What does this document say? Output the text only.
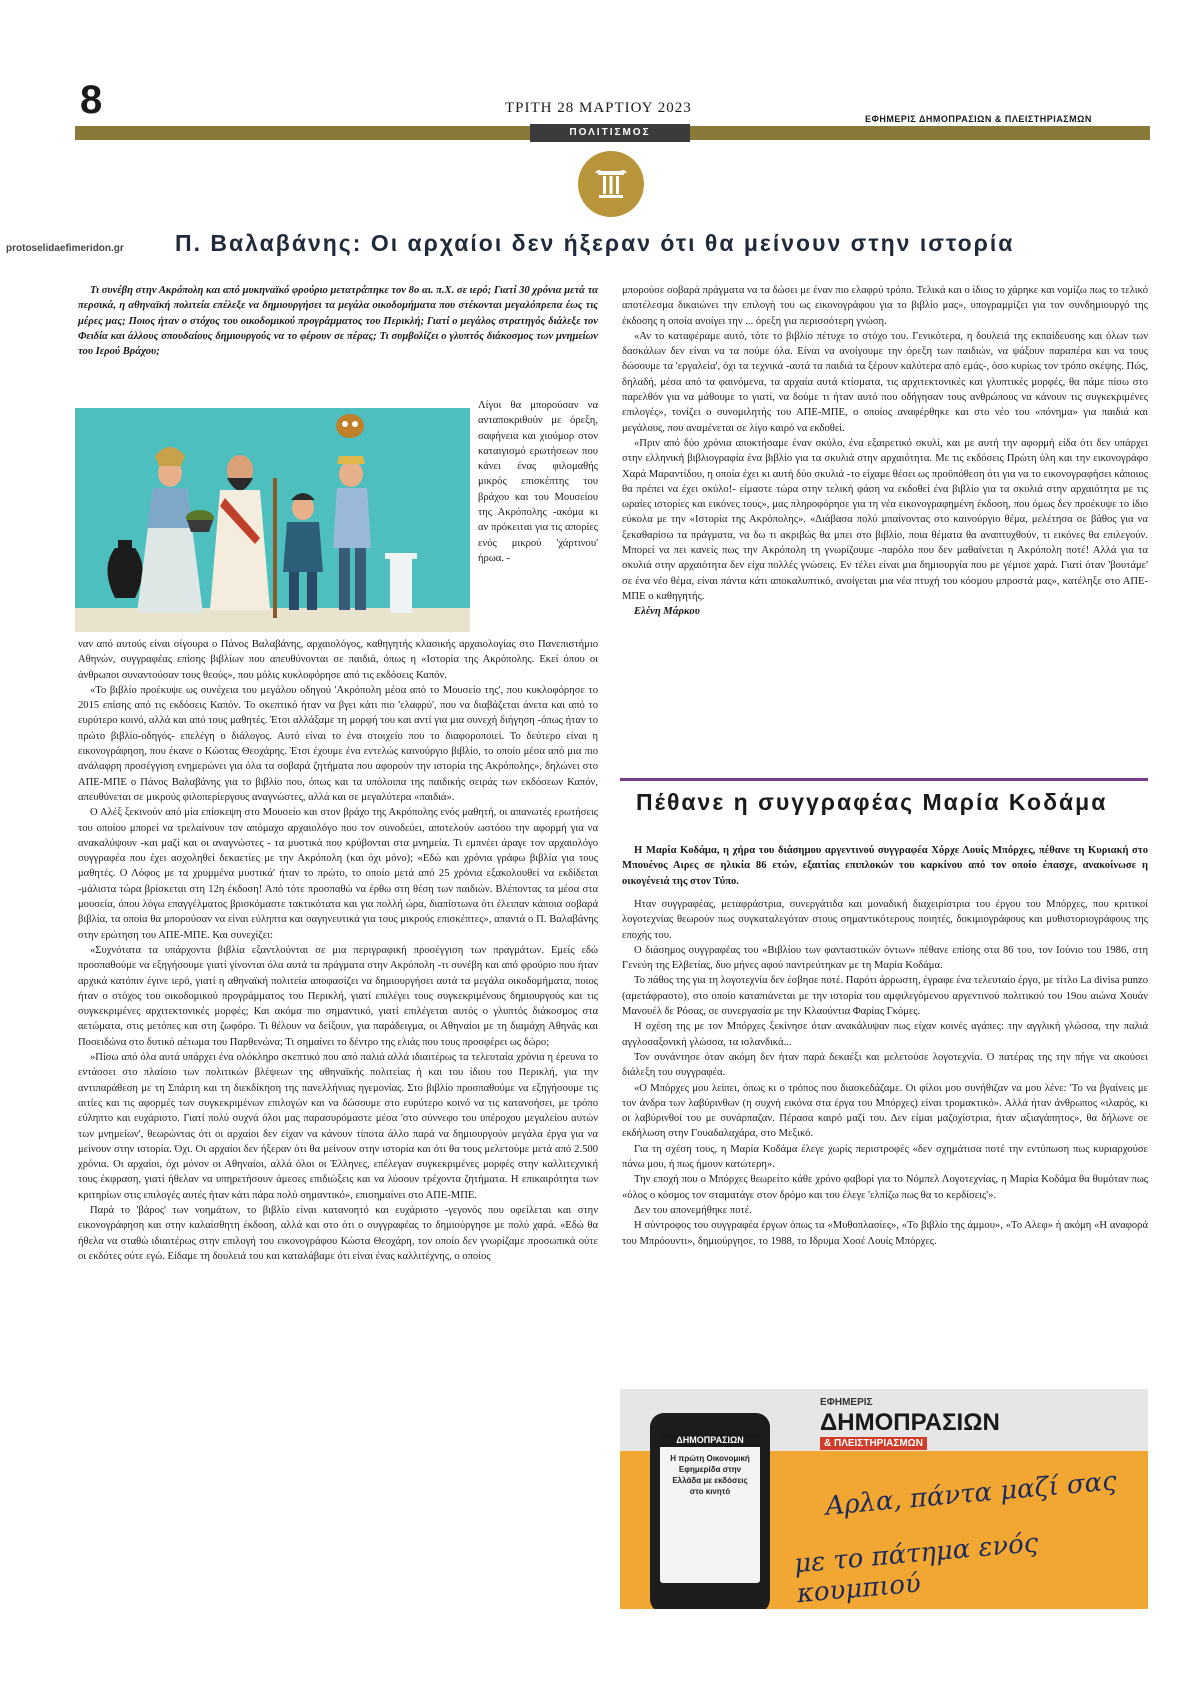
8	ΤΡΙΤΗ 28 ΜΑΡΤΙΟΥ 2023
ΕΦΗΜΕΡΙΣ ΔΗΜΟΠΡΑΣΙΩΝ & ΠΛΕΙΣΤΗΡΙΑΣΜΩΝ
ΠΟΛΙΤΙΣΜΟΣ
protoselidaefimeridon.gr Π. Βαλαβάνης: Οι αρχαίοι δεν ήξεραν ότι θα μείνουν στην ιστορία
Τι συνέβη στην Ακρόπολη και από μυκηναϊκό φρούριο μετατράπηκε τον 8ο αι. π.Χ. σε ιερό; Γιατί 30 χρόνια μετά τα περσικά, η αθηναϊκή πολιτεία επέλεξε να δημιουργήσει τα μεγάλα οικοδομήματα που στέκονται μεγαλόπρεπα έως τις μέρες μας; Ποιος ήταν ο στόχος του οικοδομικού προγράμματος του Περικλή; Γιατί ο μεγάλος στρατηγός διάλεξε τον Φειδία και άλλους σπουδαίους δημιουργούς να το φέρουν σε πέρας; Τι συμβολίζει ο γλυπτός διάκοσμος των μνημείων του Ιερού Βράχου;
Λίγοι θα μπορούσαν να ανταποκριθούν με όρεξη, σαφήνεια και χιούμορ στον καταιγισμό ερωτήσεων που κάνει ένας φιλομαθής μικρός επισκέπτης του βράχου και του Μουσείου της Ακρόπολης -ακόμα κι αν πρόκειται για τις απορίες ενός μικρού 'χάρτινου' ήρωα. -

ναν από αυτούς είναι σίγουρα ο Πάνος Βαλαβάνης, αρχαιολόγος, καθηγητής κλασικής αρχαιολογίας στο Πανεπιστήμιο Αθηνών, συγγραφέας επίσης βιβλίων που απευθύνονται σε παιδιά, όπως η «Ιστορία της Ακρόπολης. Εκεί όπου οι άνθρωποι συναντούσαν τους θεούς», που μόλις κυκλοφόρησε από τις εκδόσεις Καπόν.

«Το βιβλίο προέκυψε ως συνέχεια του μεγάλου οδηγού 'Ακρόπολη μέσα από το Μουσείο της', που κυκλοφόρησε το 2015 επίσης από τις εκδόσεις Καπόν. Το σκεπτικό ήταν να βγει κάτι πιο 'ελαφρύ', που να διαβάζεται άνετα και από το ευρύτερο κοινό, αλλά και από τους μαθητές. Έτσι αλλάξαμε τη μορφή του και αντί για μια συνεχή διήγηση -όπως ήταν το πρώτο βιβλίο-οδηγός- επελέγη ο διάλογος. Αυτό είναι το ένα στοιχείο που το διαφοροποιεί. Το δεύτερο είναι η εικονογράφηση, που έκανε ο Κώστας Θεοχάρης. Έτσι έχουμε ένα εντελώς καινούργιο βιβλίο, το οποίο μέσα από μια πιο ανάλαφρη προσέγγιση ενημερώνει για όλα τα σοβαρά ζητήματα που αφορούν την ιστορία της Ακρόπολης», δηλώνει στο ΑΠΕ-ΜΠΕ ο Πάνος Βαλαβάνης για το βιβλίο που, όπως και τα υπόλοιπα της παιδικής σειράς των εκδόσεων Καπόν, απευθύνεται σε μικρούς φιλοπερίεργους αναγνώστες, αλλά και σε μεγαλύτερα «παιδιά».

Ο Αλέξ ξεκινούν από μία επίσκεψη στο Μουσείο και στον βράχο της Ακρόπολης ενός μαθητή, οι απανωτές ερωτήσεις του οποίου μπορεί να τρελαίνουν τον απόμαχο αρχαιολόγο που τον συνοδεύει, αποτελούν ωστόσο την αφορμή για να ανακαλύψουν -και μαζί και οι αναγνώστες - τα μυστικά που κρύβονται στα μνημεία. Τι εμπνέει άραγε τον αρχαιολόγο συγγραφέα που έχει ασχοληθεί δεκαετίες με την Ακρόπολη (και όχι μόνο); «Εδώ και χρόνια γράφω βιβλία για τους μαθητές. Ο Λόφος με τα χρυμμένα μυστικά' ήταν το πρώτο, το οποίο μετά από 25 χρόνια εξακολουθεί να εκδίδεται -μάλιστα τώρα βρίσκεται στη 12η έκδοση! Από τότε προσπαθώ να έρθω στη θέση των παιδιών. Βλέποντας τα μέσα στα μουσεία, όπου λόγω επαγγέλματος βρισκόμαστε τακτικότατα και για πολλή ώρα, διαπίστωνα ότι έλειπαν κάποια σοβαρά βιβλία, τα οποία θα μπορούσαν να είναι εύληπτα και σαγηνευτικά για τους μικρούς επισκέπτες», απαντά ο Π. Βαλαβάνης στην ερώτηση του ΑΠΕ-ΜΠΕ. Και συνεχίζει:

«Συχνότατα τα υπάρχοντα βιβλία εξαντλούνται σε μια περιγραφική προσέγγιση των πραγμάτων. Εμείς εδώ προσπαθούμε να εξηγήσουμε γιατί γίνονται όλα αυτά τα πράγματα στην Ακρόπολη -τι συνέβη και από φρούριο που ήταν αρχικά κατόπιν έγινε ιερό, γιατί η αθηναϊκή πολιτεία αποφασίζει να δημιουργήσει αυτά τα μεγάλα οικοδομήματα, ποιος ήταν ο στόχος του οικοδομικού προγράμματος του Περικλή, γιατί επιλέγει τους συγκεκριμένους δημιουργούς και τις συγκεκριμένες αρχιτεκτονικές μορφές; Και ακόμα πιο σημαντικό, γιατί επιλέγεται αυτός ο γλυπτός διάκοσμος στα αετώματα, στις μετόπες και στη ζωφόρο. Τι θέλουν να δείξουν, για παράδειγμα, οι Αθηναίοι με τη διαμάχη Αθηνάς και Ποσειδώνα στο δυτικό αέτωμα του Παρθενώνα; Τι σημαίνει το δέντρο της ελιάς που τους προσφέρει ως δώρο;

»Πίσω από όλα αυτά υπάρχει ένα ολόκληρο σκεπτικό που από παλιά αλλά ιδιαιτέρως τα τελευταία χρόνια η έρευνα το εντάσσει στο πλαίσιο των πολιτικών βλέψεων της αθηναϊκής πολιτείας ή και του ίδιου του Περικλή, για την αντιπαράθεση με τη Σπάρτη και τη διεκδίκηση της πανελλήνιας ηγεμονίας. Στο βιβλίο προσπαθούμε να εξηγήσουμε τις αιτίες και τις αφορμές των συγκεκριμένων επιλογών και να δώσουμε στο ευρύτερο κοινό να τις κατανοήσει, με τρόπο εύληπτο και ευχάριστο. Γιατί πολύ συχνά όλοι μας παρασυρόμαστε μέσα 'στο σύννεφο του υπέροχου μεγαλείου αυτών των μνημείων', θεωρώντας ότι οι αρχαίοι δεν είχαν να κάνουν τίποτα άλλο παρά να δημιουργούν μεγάλα έργα για να μείνουν στην ιστορία. Όχι. Οι αρχαίοι δεν ήξεραν ότι θα μείνουν στην ιστορία και ότι θα τους μελετούμε μετά από 2.500 χρόνια. Οι αρχαίοι, όχι μόνον οι Αθηναίοι, αλλά όλοι οι Έλληνες, επέλεγαν συγκεκριμένες μορφές στην καλλιτεχνική τους έκφραση, γιατί ήθελαν να υπηρετήσουν άμεσες επιδιώξεις και να λύσουν τρέχοντα ζητήματα. Η επικαιρότητα των κριτηρίων στις επιλογές αυτές ήταν κάτι πάρα πολύ σημαντικό», επισημαίνει στο ΑΠΕ-ΜΠΕ.

Παρά το 'βάρος' των νοημάτων, το βιβλίο είναι κατανοητό και ευχάριστο -γεγονός που οφείλεται και στην εικονογράφηση και στην καλαίσθητη έκδοση, αλλά και στο ότι ο συγγραφέας το δημιούργησε με πολύ χαρά. «Εδώ θα ήθελα να σταθώ ιδιαιτέρως στην επιλογή του εικονογράφου Κώστα Θεοχάρη, τον οποίο δεν γνωρίζαμε προσωπικά ούτε οι εκδότες ούτε εγώ. Είδαμε τη δουλειά του και καταλάβαμε ότι είναι ένας καλλιτέχνης, ο οποίος

μπορούσε σοβαρά πράγματα να τα δώσει με έναν πιο ελαφρύ τρόπο. Τελικά και ο ίδιος το χάρηκε και νομίζω πως το τελικό αποτέλεσμα δικαιώνει την επιλογή του ως εικονογράφου για το βιβλίο μας», υπογραμμίζει για τον συνδημιουργό της έκδοσης η οποία ανοίγει την ... όρεξη για περισσότερη γνώση.

«Αν το καταφέραμε αυτό, τότε το βιβλίο πέτυχε το στόχο του. Γενικότερα, η δουλειά της εκπαίδευσης και όλων των δασκάλων δεν είναι να τα πούμε όλα. Είναι να ανοίγουμε την όρεξη των παιδιών, να ψάξουν παραπέρα και να τους δώσουμε τα 'εργαλεία', όχι τα τεχνικά -αυτά τα παιδιά τα ξέρουν καλύτερα από εμάς-, όσο κυρίως τον τρόπο σκέψης. Πώς, δηλαδή, μέσα από τα φαινόμενα, τα αρχαία αυτά κτίσματα, τις αρχιτεκτονικές και γλυπτικές μορφές, θα πάμε πίσω στο παρελθόν για να μάθουμε το γιατί, να δούμε τι ήταν αυτό που οδήγησαν τους ανθρώπους να κάνουν τις συγκεκριμένες επιλογές», τονίζει ο συνομιλητής του ΑΠΕ-ΜΠΕ, ο οποίος αναφέρθηκε και στο νέο του «πόνημα» για παιδιά και μεγάλους, που αναμένεται σε λίγο καιρό να εκδοθεί.

«Πριν από δύο χρόνια αποκτήσαμε έναν σκύλο, ένα εξαιρετικό σκυλί, και με αυτή την αφορμή είδα ότι δεν υπάρχει στην ελληνική βιβλιογραφία ένα βιβλίο για τα σκυλιά στην αρχαιότητα. Με τις εκδόσεις Πρώτη ύλη και την εικονογράφο Χαρά Μαραντίδου, η οποία έχει κι αυτή δύο σκυλιά -το είχαμε θέσει ως προϋπόθεση ότι για να το εικονογραφήσει κάποιος θα πρέπει να έχει σκύλο!- είμαστε τώρα στην τελική φάση να εκδοθεί ένα βιβλίο για τα σκυλιά στην αρχαιότητα με τις ωραίες ιστορίες και εικόνες τους», μας πληροφόρησε για τη νέα εικονογραφημένη έκδοση, που όμως δεν προέκυψε το ίδιο εύκολα με την «Ιστορία της Ακρόπολης». «Διάβασα πολύ μπαίνοντας στο καινούργιο θέμα, μελέτησα σε βάθος για να ξεκαθαρίσω τα πράγματα, να δω τι ακριβώς θα μπει στο βιβλίο, ποια θέματα θα αναπτυχθούν, τι εικόνες θα επιλεγούν. Μπορεί να πει κανείς πως την Ακρόπολη τη γνωρίζουμε -παρόλο που δεν μαθαίνεται η Ακρόπολη ποτέ! Αλλά για τα σκυλιά στην αρχαιότητα δεν είχα πολλές γνώσεις. Εν τέλει είναι μια δημιουργία που με γέμισε χαρά. Γιατί όταν 'βουτάμε' σε ένα νέο θέμα, είναι πάντα κάτι αποκαλυπτικό, ανοίγεται μια νέα πτυχή του κόσμου μπροστά μας», κατέληξε στο ΑΠΕ-ΜΠΕ ο καθηγητής.

Ελένη Μάρκου

Πέθανε η συγγραφέας Μαρία Κοδάμα
Η Μαρία Κοδάμα, η χήρα του διάσημου αργεντινού συγγραφέα Χόρχε Λουίς Μπόρχες, πέθανε τη Κυριακή στο Μπουένος Αιρες σε ηλικία 86 ετών, εξαιτίας επιπλοκών του καρκίνου από τον οποίο έπασχε, ανακοίνωσε η οικογένειά της στον Τύπο.

Ηταν συγγραφέας, μεταφράστρια, συνεργάτιδα και μοναδική διαχειρίστρια του έργου του Μπόρχες, που κριτικοί λογοτεχνίας θεωρούν πως συγκαταλεγόταν στους σημαντικότερους ποιητές, δοκιμιογράφους και μυθιστοριογράφους της εποχής του.

Ο διάσημος συγγραφέας του «Βιβλίου των φανταστικών όντων» πέθανε επίσης στα 86 του, τον Ιούνιο του 1986, στη Γενεύη της Ελβετίας, δυο μήνες αφού παντρεύτηκαν με τη Μαρία Κοδάμα.

Το πάθος της για τη λογοτεχνία δεν έσβησε ποτέ. Παρότι άρρωστη, έγραφε ένα τελευταίο έργο, με τίτλο La divisa punzo (αμετάφραστο), στο οποίο καταπιάνεται με την ιστορία του αμφιλεγόμενου αργεντινού πολιτικού του 19ου αιώνα Χουάν Μανουέλ δε Ρόσας, σε συνεργασία με την Κλαούντια Φαρίας Γκόμες.

Η σχέση της με τον Μπόρχες ξεκίνησε όταν ανακάλυψαν πως είχαν κοινές αγάπες: την αγγλική γλώσσα, την παλιά αγγλοσαξονική γλώσσα, τα ισλανδικά...

Τον συνάντησε όταν ακόμη δεν ήταν παρά δεκαέξι και μελετούσε λογοτεχνία. Ο πατέρας της την πήγε να ακούσει διάλεξη του συγγραφέα.

«Ο Μπόρχες μου λείπει, όπως κι ο τρόπος που διασκεδάζαμε. Οι φίλοι μου συνήθιζαν να μου λένε: 'Το να βγαίνεις με τον άνδρα των λαβύρινθων (η συχνή εικόνα στα έργα του Μπόρχες) είναι τρομακτικό». Αλλά ήταν άνθρωπος «ιλαρός, κι οι λαβύρινθοί του με συνάρπαζαν. Πέρασα καιρό μαζί του. Δεν είμαι μαζοχίστρια, ήταν αξιαγάπητος», θα δήλωνε σε εκδήλωση στην Γουαδαλαχάρα, στο Μεξικό.

Για τη σχέση τους, η Μαρία Κοδάμα έλεγε χωρίς περιστροφές «δεν σχημάτισα ποτέ την εντύπωση πως κυριαρχούσε πάνω μου, ή πως ήμουν κατώτερη».

Την εποχή που ο Μπόρχες θεωρείτο κάθε χρόνο φαβορί για το Νόμπελ Λογοτεχνίας, η Μαρία Κοδάμα θα θυμόταν πως «όλος ο κόσμος τον σταματάγε στον δρόμο και του έλεγε 'ελπίζω πως θα το κερδίσεις'».

Δεν του απονεμήθηκε ποτέ.

Η σύντροφος του συγγραφέα έργων όπως τα «Μυθοπλασίες», «Το βιβλίο της άμμου», «Το Αλεφ» ή ακόμη «Η αναφορά του Μπρόουντι», δημιούργησε, το 1988, το Ιδρυμα Χοσέ Λουίς Μπόρχες.

ΕΦΗΜΕΡΙΣ
ΔΗΜΟΠΡΑΣΙΩΝ
& ΠΛΕΙΣΤΗΡΙΑΣΜΩΝ
ΔΗΜΟΠΡΑΣΙΩΝ
Η πρώτη Οικονομική Εφημερίδα στην Ελλάδα με εκδόσεις στο κινητό	Αρλα, πάντα μαζί σας
με το πάτημα ενός κουμπιού
